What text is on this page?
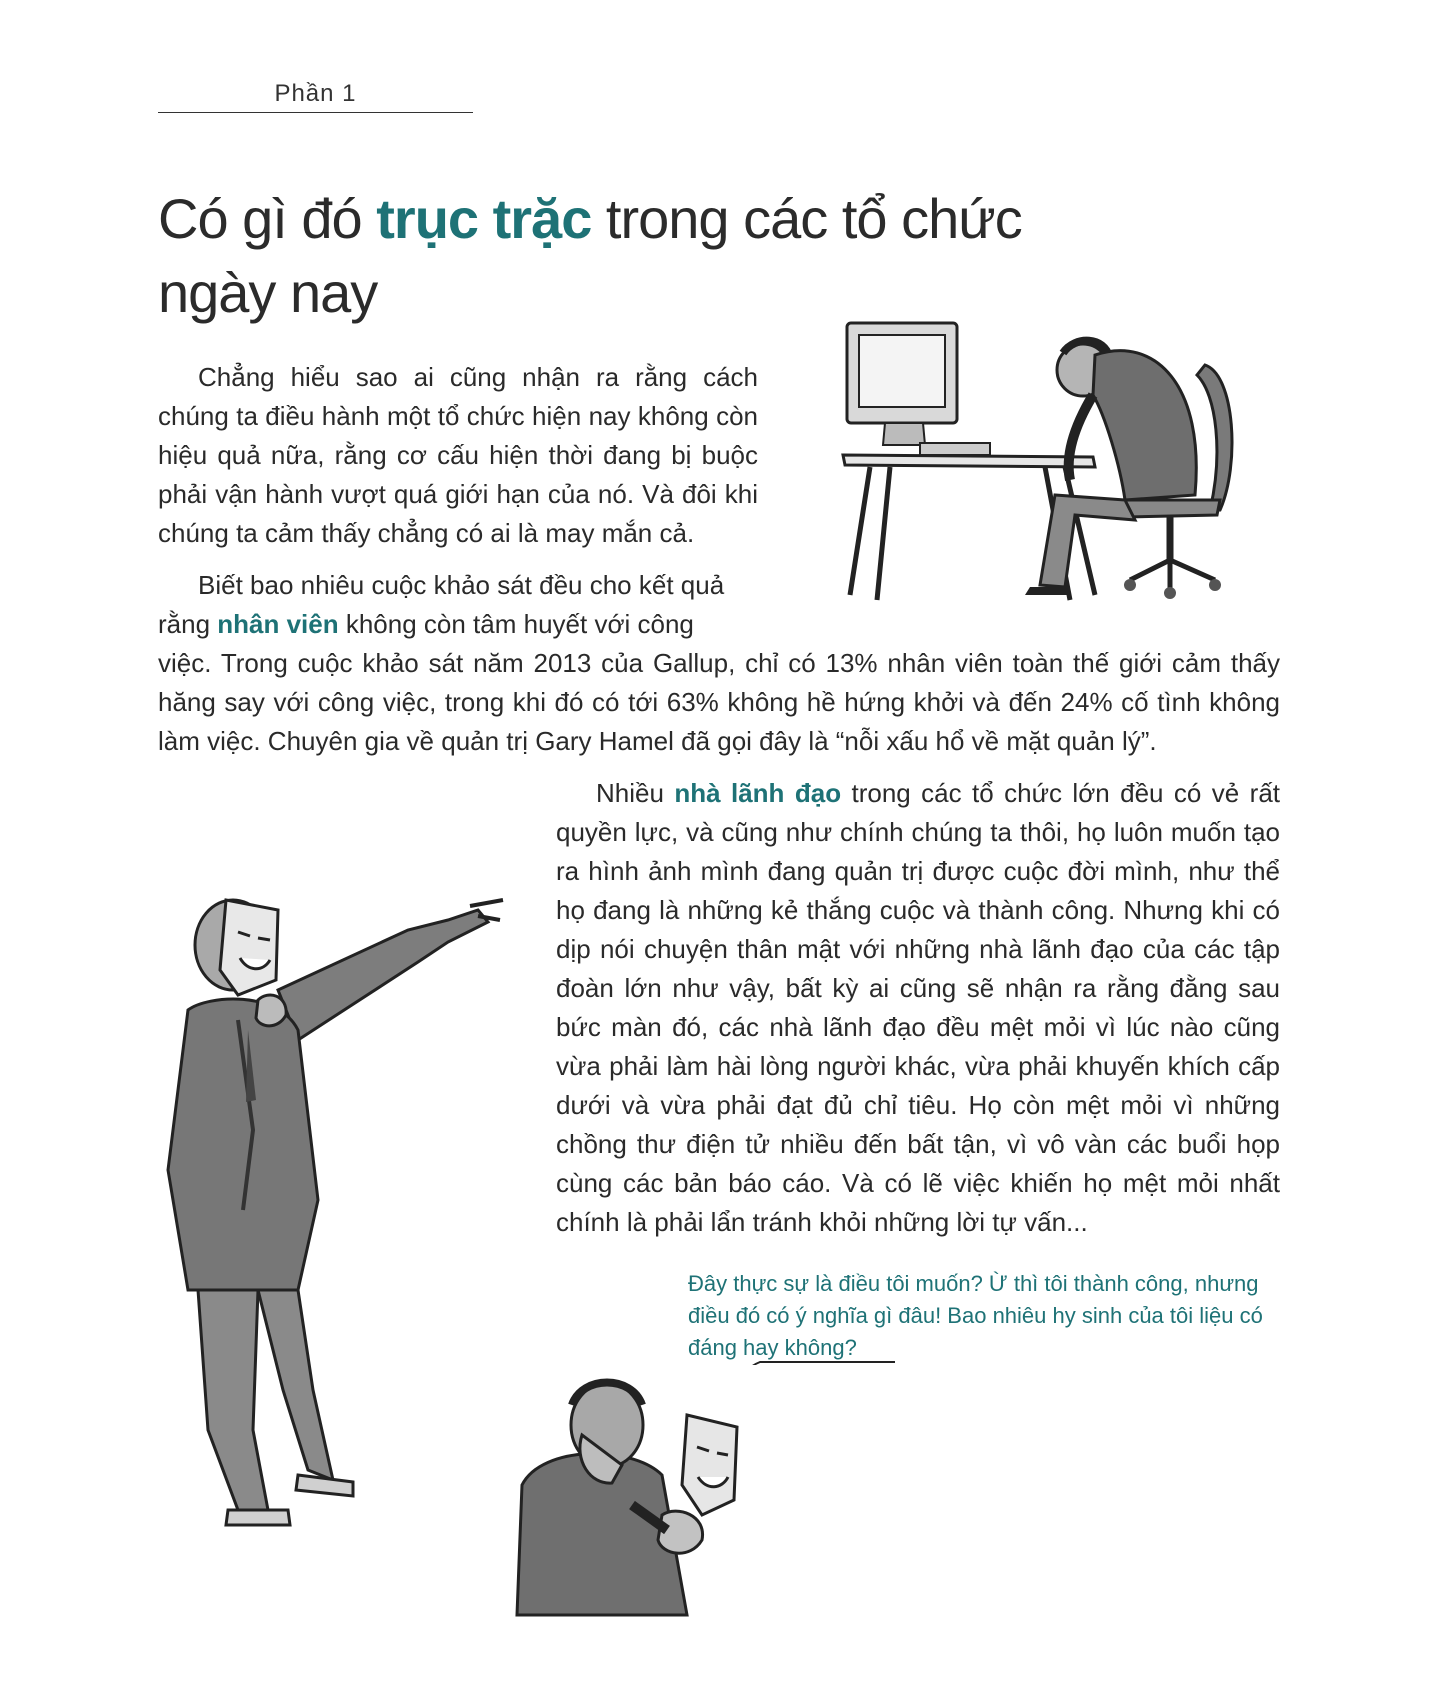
Phần 1
Có gì đó trục trặc trong các tổ chức ngày nay

Chẳng hiểu sao ai cũng nhận ra rằng cách chúng ta điều hành một tổ chức hiện nay không còn hiệu quả nữa, rằng cơ cấu hiện thời đang bị buộc phải vận hành vượt quá giới hạn của nó. Và đôi khi chúng ta cảm thấy chẳng có ai là may mắn cả.

Biết bao nhiêu cuộc khảo sát đều cho kết quả
rằng nhân viên không còn tâm huyết với công

việc. Trong cuộc khảo sát năm 2013 của Gallup, chỉ có 13% nhân viên toàn thế giới cảm thấy hăng say với công việc, trong khi đó có tới 63% không hề hứng khởi và đến 24% cố tình không làm việc. Chuyên gia về quản trị Gary Hamel đã gọi đây là “nỗi xấu hổ về mặt quản lý”.

Nhiều nhà lãnh đạo trong các tổ chức lớn đều có vẻ rất quyền lực, và cũng như chính chúng ta thôi, họ luôn muốn tạo ra hình ảnh mình đang quản trị được cuộc đời mình, như thể họ đang là những kẻ thắng cuộc và thành công. Nhưng khi có dịp nói chuyện thân mật với những nhà lãnh đạo của các tập đoàn lớn như vậy, bất kỳ ai cũng sẽ nhận ra rằng đằng sau bức màn đó, các nhà lãnh đạo đều mệt mỏi vì lúc nào cũng vừa phải làm hài lòng người khác, vừa phải khuyến khích cấp dưới và vừa phải đạt đủ chỉ tiêu. Họ còn mệt mỏi vì những chồng thư điện tử nhiều đến bất tận, vì vô vàn các buổi họp cùng các bản báo cáo. Và có lẽ việc khiến họ mệt mỏi nhất chính là phải lẩn tránh khỏi những lời tự vấn...

Đây thực sự là điều tôi muốn? Ừ thì tôi thành công, nhưng điều đó có ý nghĩa gì đâu! Bao nhiêu hy sinh của tôi liệu có đáng hay không?
